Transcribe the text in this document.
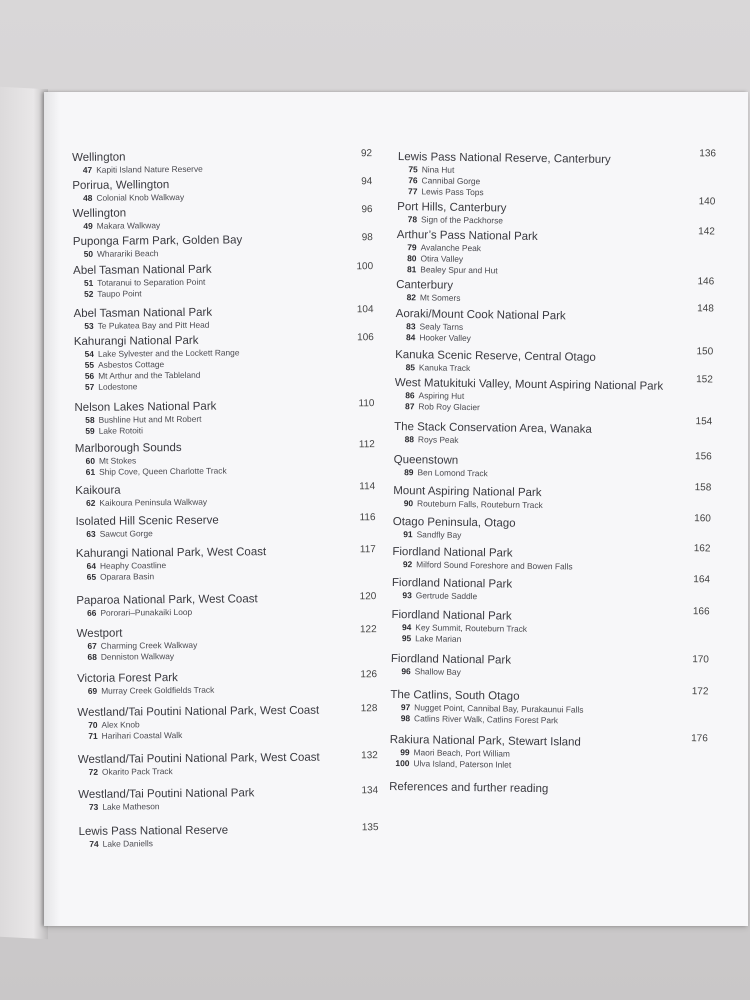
Wellington	92
47 Kapiti Island Nature Reserve
Porirua, Wellington	94
48 Colonial Knob Walkway
Wellington	96
49 Makara Walkway
Puponga Farm Park, Golden Bay	98
50 Wharariki Beach
Abel Tasman National Park	100
51 Totaranui to Separation Point
52 Taupo Point
Abel Tasman National Park	104
53 Te Pukatea Bay and Pitt Head
Kahurangi National Park	106
54 Lake Sylvester and the Lockett Range
55 Asbestos Cottage
56 Mt Arthur and the Tableland
57 Lodestone
Nelson Lakes National Park	110
58 Bushline Hut and Mt Robert
59 Lake Rotoiti
Marlborough Sounds	112
60 Mt Stokes
61 Ship Cove, Queen Charlotte Track
Kaikoura	114
62 Kaikoura Peninsula Walkway
Isolated Hill Scenic Reserve	116
63 Sawcut Gorge
Kahurangi National Park, West Coast	117
64 Heaphy Coastline
65 Oparara Basin
Paparoa National Park, West Coast	120
66 Pororari–Punakaiki Loop
Westport	122
67 Charming Creek Walkway
68 Denniston Walkway
Victoria Forest Park	126
69 Murray Creek Goldfields Track
Westland/Tai Poutini National Park, West Coast	128
70 Alex Knob
71 Harihari Coastal Walk
Westland/Tai Poutini National Park, West Coast	132
72 Okarito Pack Track
Westland/Tai Poutini National Park	134
73 Lake Matheson
Lewis Pass National Reserve	135
74 Lake Daniells
Lewis Pass National Reserve, Canterbury	136
75 Nina Hut
76 Cannibal Gorge
77 Lewis Pass Tops
Port Hills, Canterbury	140
78 Sign of the Packhorse
Arthur’s Pass National Park	142
79 Avalanche Peak
80 Otira Valley
81 Bealey Spur and Hut
Canterbury	146
82 Mt Somers
Aoraki/Mount Cook National Park	148
83 Sealy Tarns
84 Hooker Valley
Kanuka Scenic Reserve, Central Otago	150
85 Kanuka Track
West Matukituki Valley, Mount Aspiring National Park	152
86 Aspiring Hut
87 Rob Roy Glacier
The Stack Conservation Area, Wanaka	154
88 Roys Peak
Queenstown	156
89 Ben Lomond Track
Mount Aspiring National Park	158
90 Routeburn Falls, Routeburn Track
Otago Peninsula, Otago	160
91 Sandfly Bay
Fiordland National Park	162
92 Milford Sound Foreshore and Bowen Falls
Fiordland National Park	164
93 Gertrude Saddle
Fiordland National Park	166
94 Key Summit, Routeburn Track
95 Lake Marian
Fiordland National Park	170
96 Shallow Bay
The Catlins, South Otago	172
97 Nugget Point, Cannibal Bay, Purakaunui Falls
98 Catlins River Walk, Catlins Forest Park
Rakiura National Park, Stewart Island	176
99 Maori Beach, Port William
100 Ulva Island, Paterson Inlet
References and further reading
